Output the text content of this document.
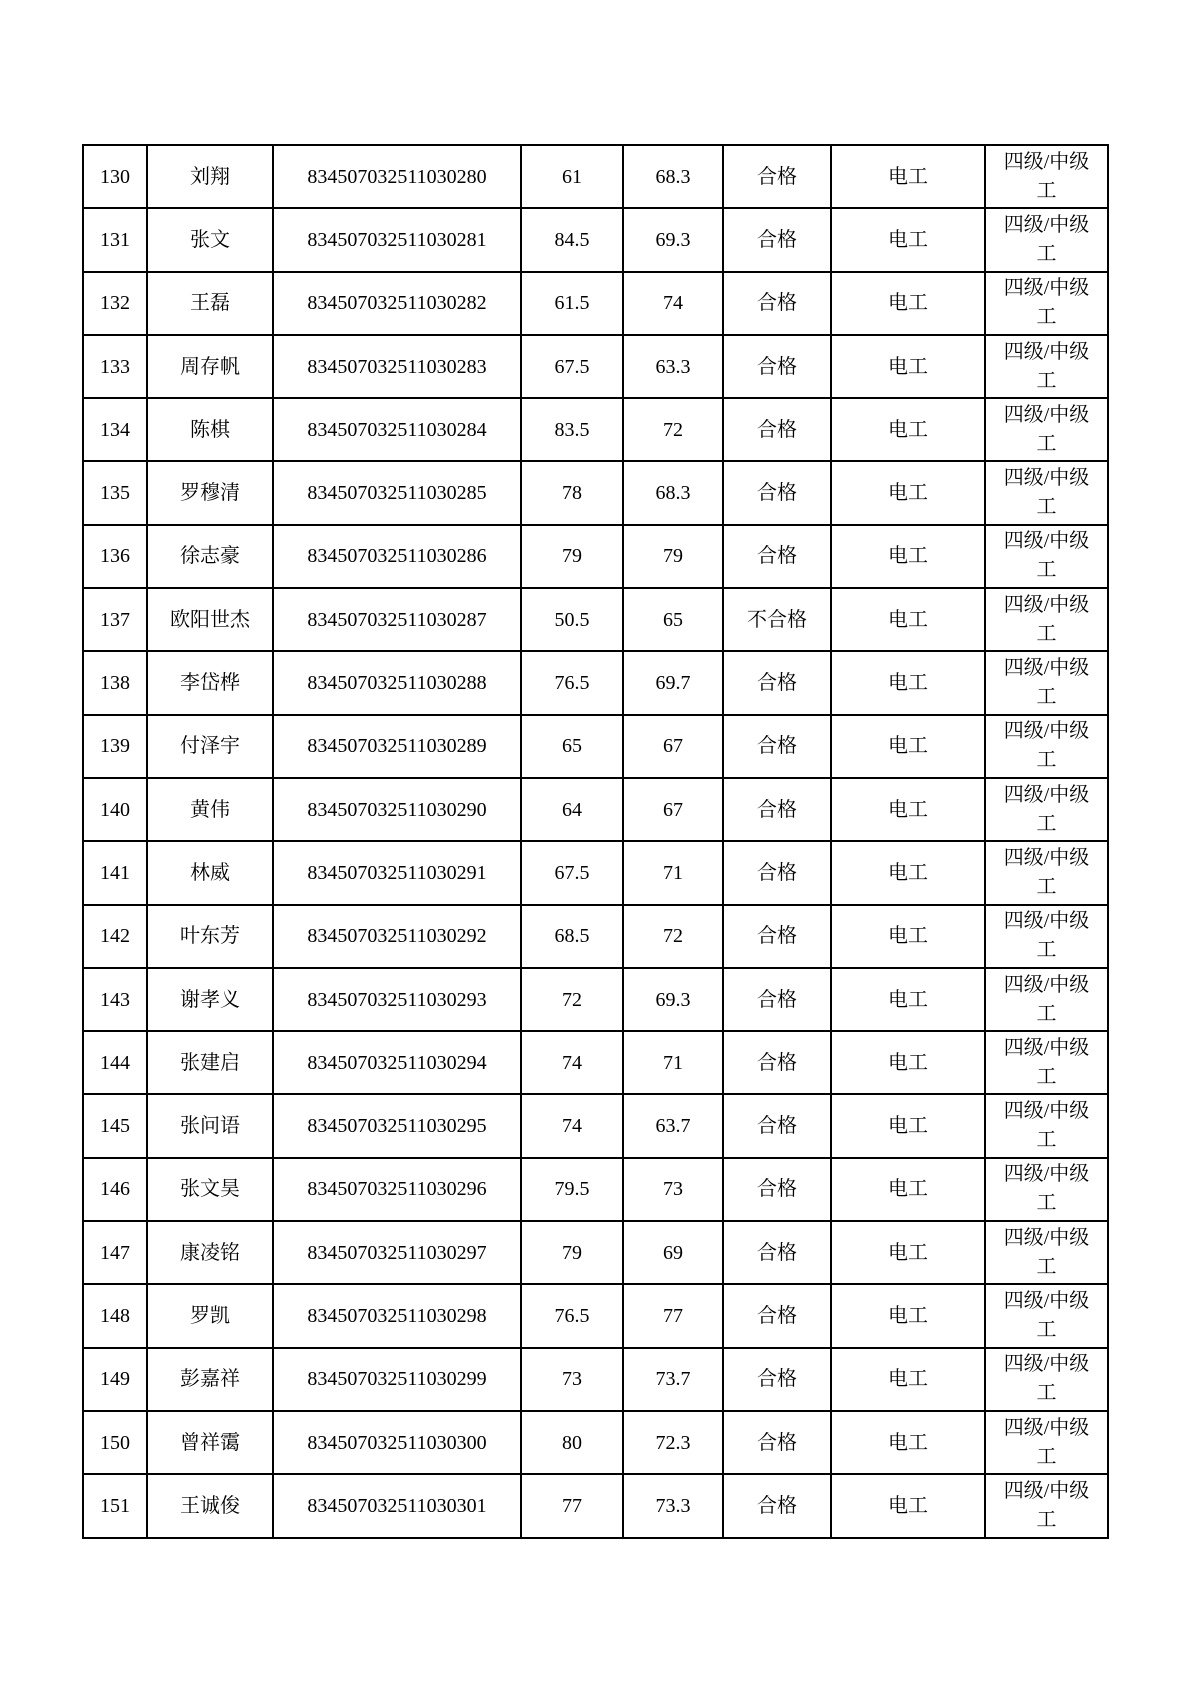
130	刘翔	834507032511030280	61	68.3	合格	电工	四级/中级工
131	张文	834507032511030281	84.5	69.3	合格	电工	四级/中级工
132	王磊	834507032511030282	61.5	74	合格	电工	四级/中级工
133	周存帆	834507032511030283	67.5	63.3	合格	电工	四级/中级工
134	陈棋	834507032511030284	83.5	72	合格	电工	四级/中级工
135	罗穆清	834507032511030285	78	68.3	合格	电工	四级/中级工
136	徐志豪	834507032511030286	79	79	合格	电工	四级/中级工
137	欧阳世杰	834507032511030287	50.5	65	不合格	电工	四级/中级工
138	李岱桦	834507032511030288	76.5	69.7	合格	电工	四级/中级工
139	付泽宇	834507032511030289	65	67	合格	电工	四级/中级工
140	黄伟	834507032511030290	64	67	合格	电工	四级/中级工
141	林威	834507032511030291	67.5	71	合格	电工	四级/中级工
142	叶东芳	834507032511030292	68.5	72	合格	电工	四级/中级工
143	谢孝义	834507032511030293	72	69.3	合格	电工	四级/中级工
144	张建启	834507032511030294	74	71	合格	电工	四级/中级工
145	张问语	834507032511030295	74	63.7	合格	电工	四级/中级工
146	张文昊	834507032511030296	79.5	73	合格	电工	四级/中级工
147	康凌铭	834507032511030297	79	69	合格	电工	四级/中级工
148	罗凯	834507032511030298	76.5	77	合格	电工	四级/中级工
149	彭嘉祥	834507032511030299	73	73.7	合格	电工	四级/中级工
150	曾祥霭	834507032511030300	80	72.3	合格	电工	四级/中级工
151	王诚俊	834507032511030301	77	73.3	合格	电工	四级/中级工
